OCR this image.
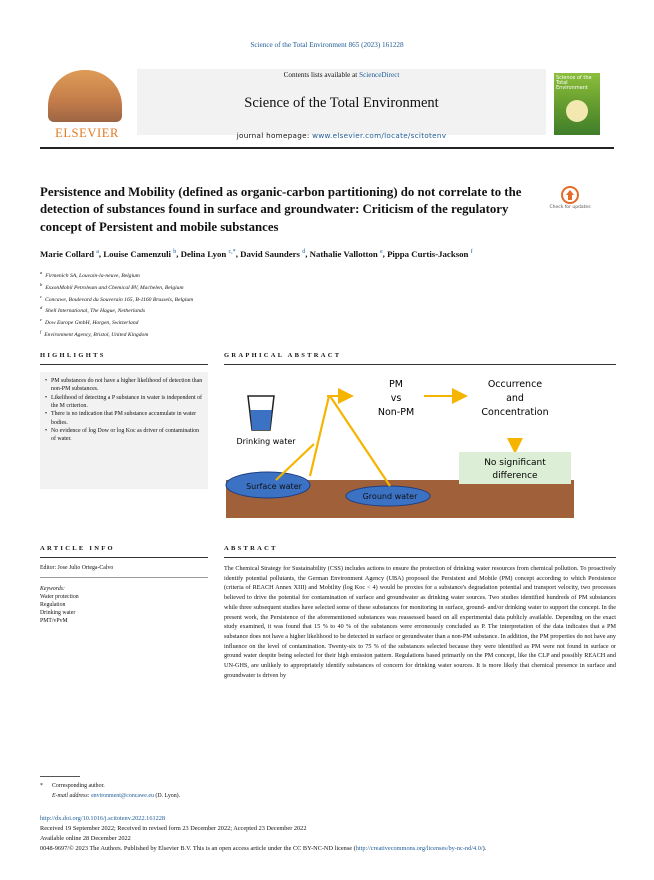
Science of the Total Environment 865 (2023) 161228
ELSEVIER
Contents lists available at ScienceDirect
Science of the Total Environment
journal homepage: www.elsevier.com/locate/scitotenv
Science of the Total Environment
Persistence and Mobility (defined as organic-carbon partitioning) do not correlate to the detection of substances found in surface and groundwater: Criticism of the regulatory concept of Persistent and mobile substances
Check for updates
Marie Collard $^a$, Louise Camenzuli $^b$, Delina Lyon $^{c,*}$, David Saunders $^d$, Nathalie Vallotton $^e$, Pippa Curtis-Jackson $^f$
$^a$Firmenich SA, Louvain-la-neuve, Belgium
$^b$ExxonMobil Petroleum and Chemical BV, Machelen, Belgium
$^c$Concawe, Boulevard du Souverain 165, B-1160 Brussels, Belgium
$^d$Shell International, The Hague, Netherlands
$^e$Dow Europe GmbH, Horgen, Switzerland
$^f$Environment Agency, Bristol, United Kingdom
HIGHLIGHTS
• PM substances do not have a higher likelihood of detection than non-PM substances.
• Likelihood of detecting a P substance in water is independent of the M criterion.
• There is no indication that PM substance accumulate in water bodies.
• No evidence of log Dow or log Koc as driver of contamination of water.
GRAPHICAL ABSTRACT
PM
vs
Non-PM
Occurrence
and
Concentration
Drinking water
Surface water
Ground water
No significant
difference
ARTICLE INFO
Editor: Jose Julio Ortega-Calvo
Keywords:
Water protection
Regulation
Drinking water
PMT/vPvM
ABSTRACT
The Chemical Strategy for Sustainability (CSS) includes actions to ensure the protection of drinking water resources from chemical pollution. To proactively identify potential pollutants, the German Environment Agency (UBA) proposed the Persistent and Mobile (PM) concept according to which Persistence (criteria of REACH Annex XIII) and Mobility (log Koc < 4) would be proxies for a substance's degradation potential and transport velocity, two processes believed to drive the potential for contamination of surface and groundwater as drinking water sources. Two studies identified hundreds of PM substances while three subsequent studies have selected some of these substances for monitoring in surface, ground- and/or drinking water to support the concept. In the present work, the Persistence of the aforementioned substances was reassessed based on all experimental data publicly available. Depending on the exact study examined, it was found that 15 % to 40 % of the substances were erroneously concluded as P. The interpretation of the data indicates that a PM substance does not have a higher likelihood to be detected in surface or groundwater than a non-PM substance. In addition, the PM properties do not have any influence on the level of contamination. Twenty-six to 75 % of the substances selected because they were identified as PM were not found in surface or ground water despite being selected for their high emission pattern. Regulations based primarily on the PM concept, like the CLP and possibly REACH and UN-GHS, are unlikely to appropriately identify substances of concern for drinking water sources. It is more likely that chemical presence in surface and groundwater is driven by
* Corresponding author.
E-mail address: environment@concawe.eu (D. Lyon).
http://dx.doi.org/10.1016/j.scitotenv.2022.161228
Received 19 September 2022; Received in revised form 23 December 2022; Accepted 23 December 2022
Available online 28 December 2022
0048-9697/© 2023 The Authors. Published by Elsevier B.V. This is an open access article under the CC BY-NC-ND license (http://creativecommons.org/licenses/by-nc-nd/4.0/).
